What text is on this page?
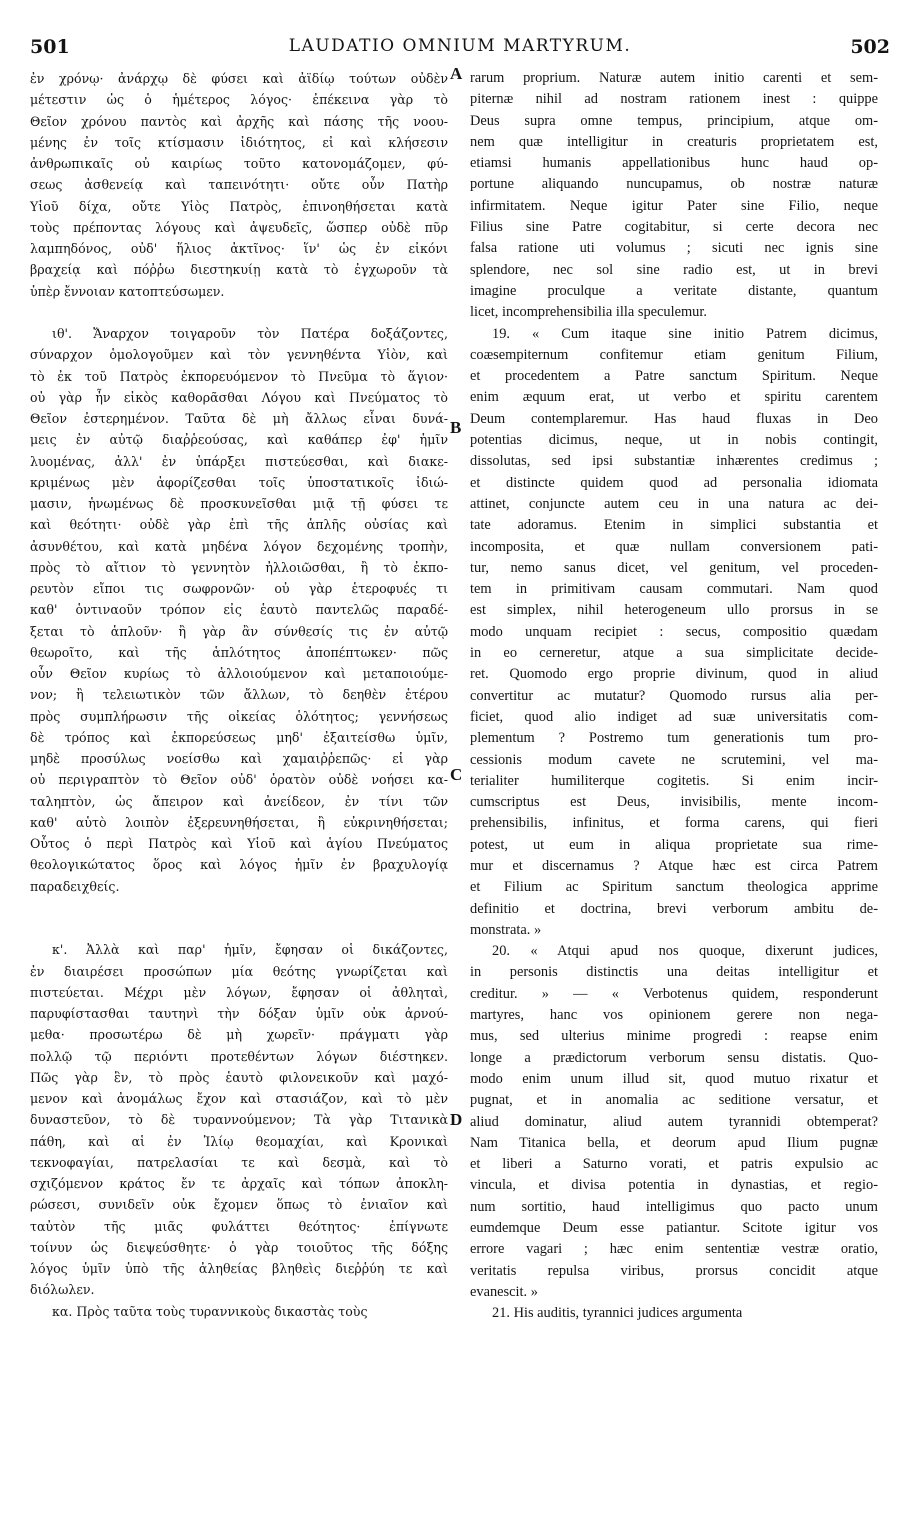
501	LAUDATIO OMNIUM MARTYRUM.	502
ἐν χρόνῳ· ἀνάρχῳ δὲ φύσει καὶ ἀϊδίῳ τούτων οὐδὲν
μέτεστιν ὡς ὁ ἡμέτερος λόγος· ἐπέκεινα γὰρ τὸ
Θεῖον χρόνου παντὸς καὶ ἀρχῆς καὶ πάσης τῆς νοου-
μένης ἐν τοῖς κτίσμασιν ἰδιότητος, εἰ καὶ κλήσεσιν
ἀνθρωπικαῖς οὐ καιρίως τοῦτο κατονομάζομεν, φύ-
σεως ἀσθενείᾳ καὶ ταπεινότητι· οὔτε οὖν Πατὴρ
Υἱοῦ δίχα, οὔτε Υἱὸς Πατρὸς, ἐπινοηθήσεται κατὰ
τοὺς πρέποντας λόγους καὶ ἀψευδεῖς, ὥσπερ οὐδὲ πῦρ
λαμπηδόνος, οὐδ' ἥλιος ἀκτῖνος· ἵν' ὡς ἐν εἰκόνι
βραχείᾳ καὶ πόῤῥω διεστηκυίῃ κατὰ τὸ ἐγχωροῦν τὰ
ὑπὲρ ἔννοιαν κατοπτεύσωμεν.
ιθ'. Ἄναρχον τοιγαροῦν τὸν Πατέρα δοξάζοντες,
σύναρχον ὁμολογοῦμεν καὶ τὸν γεννηθέντα Υἱὸν, καὶ
τὸ ἐκ τοῦ Πατρὸς ἐκπορευόμενον τὸ Πνεῦμα τὸ ἅγιον·
οὐ γὰρ ἦν εἰκὸς καθορᾶσθαι Λόγου καὶ Πνεύματος τὸ
Θεῖον ἐστερημένον. Ταῦτα δὲ μὴ ἄλλως εἶναι δυνά-
μεις ἐν αὐτῷ διαῤῥεούσας, καὶ καθάπερ ἐφ' ἡμῖν
λυομένας, ἀλλ' ἐν ὑπάρξει πιστεύεσθαι, καὶ διακε-
κριμένως μὲν ἀφορίζεσθαι τοῖς ὑποστατικοῖς ἰδιώ-
μασιν, ἡνωμένως δὲ προσκυνεῖσθαι μιᾷ τῇ φύσει τε
καὶ θεότητι· οὐδὲ γὰρ ἐπὶ τῆς ἁπλῆς οὐσίας καὶ
ἀσυνθέτου, καὶ κατὰ μηδένα λόγον δεχομένης τροπὴν,
πρὸς τὸ αἴτιον τὸ γεννητὸν ἠλλοιῶσθαι, ἢ τὸ ἐκπο-
ρευτὸν εἴποι τις σωφρονῶν· οὐ γὰρ ἑτεροφυές τι
καθ' ὁντιναοῦν τρόπον εἰς ἑαυτὸ παντελῶς παραδέ-
ξεται τὸ ἁπλοῦν· ἢ γὰρ ἂν σύνθεσίς τις ἐν αὐτῷ
θεωροῖτο, καὶ τῆς ἁπλότητος ἀποπέπτωκεν· πῶς
οὖν Θεῖον κυρίως τὸ ἀλλοιούμενον καὶ μεταποιούμε-
νον; ἢ τελειωτικὸν τῶν ἄλλων, τὸ δεηθὲν ἑτέρου
πρὸς συμπλήρωσιν τῆς οἰκείας ὁλότητος; γεννήσεως
δὲ τρόπος καὶ ἐκπορεύσεως μηδ' ἐξαιτείσθω ὑμῖν,
μηδὲ προσύλως νοείσθω καὶ χαμαιῤῥεπῶς· εἰ γὰρ
οὐ περιγραπτὸν τὸ Θεῖον οὐδ' ὁρατὸν οὐδὲ νοήσει κα-
ταληπτὸν, ὡς ἄπειρον καὶ ἀνείδεον, ἐν τίνι τῶν
καθ' αὑτὸ λοιπὸν ἐξερευνηθήσεται, ἢ εὐκρινηθήσεται;
Οὗτος ὁ περὶ Πατρὸς καὶ Υἱοῦ καὶ ἁγίου Πνεύματος
θεολογικώτατος ὅρος καὶ λόγος ἡμῖν ἐν βραχυλογίᾳ
παραδειχθείς.
κ'. Ἀλλὰ καὶ παρ' ἡμῖν, ἔφησαν οἱ δικάζοντες,
ἐν διαιρέσει προσώπων μία θεότης γνωρίζεται καὶ
πιστεύεται. Μέχρι μὲν λόγων, ἔφησαν οἱ ἀθληταὶ,
παρυφίστασθαι ταυτηνὶ τὴν δόξαν ὑμῖν οὐκ ἀρνού-
μεθα· προσωτέρω δὲ μὴ χωρεῖν· πράγματι γὰρ
πολλῷ τῷ περιόντι προτεθέντων λόγων διέστηκεν.
Πῶς γὰρ ἓν, τὸ πρὸς ἑαυτὸ φιλονεικοῦν καὶ μαχό-
μενον καὶ ἀνομάλως ἔχον καὶ στασιάζον, καὶ τὸ μὲν
δυναστεῦον, τὸ δὲ τυραννούμενον; Τὰ γὰρ Τιτανικὰ
πάθη, καὶ αἱ ἐν Ἰλίῳ θεομαχίαι, καὶ Κρονικαὶ
τεκνοφαγίαι, πατρελασίαι τε καὶ δεσμὰ, καὶ τὸ
σχιζόμενον κράτος ἔν τε ἀρχαῖς καὶ τόπων ἀποκλη-
ρώσεσι, συνιδεῖν οὐκ ἔχομεν ὅπως τὸ ἐνιαῖον καὶ
ταὐτὸν τῆς μιᾶς φυλάττει θεότητος· ἐπίγνωτε
τοίνυν ὡς διεψεύσθητε· ὁ γὰρ τοιοῦτος τῆς δόξης
λόγος ὑμῖν ὑπὸ τῆς ἀληθείας βληθεὶς διεῤῥύη τε καὶ
διόλωλεν.
κα. Πρὸς ταῦτα τοὺς τυραννικοὺς δικαστὰς τοὺς
rarum proprium. Naturæ autem initio carenti et sem-
piternæ nihil ad nostram rationem inest : quippe
Deus supra omne tempus, principium, atque om-
nem quæ intelligitur in creaturis proprietatem est,
etiamsi humanis appellationibus hunc haud op-
portune aliquando nuncupamus, ob nostræ naturæ
infirmitatem. Neque igitur Pater sine Filio, neque
Filius sine Patre cogitabitur, si certe decora nec
falsa ratione uti volumus ; sicuti nec ignis sine
splendore, nec sol sine radio est, ut in brevi
imagine proculque a veritate distante, quantum
licet, incomprehensibilia illa speculemur.
19. « Cum itaque sine initio Patrem dicimus,
coæsempiternum confitemur etiam genitum Filium,
et procedentem a Patre sanctum Spiritum. Neque
enim æquum erat, ut verbo et spiritu carentem
Deum contemplaremur. Has haud fluxas in Deo
potentias dicimus, neque, ut in nobis contingit,
dissolutas, sed ipsi substantiæ inhærentes credimus ;
et distincte quidem quod ad personalia idiomata
attinet, conjuncte autem ceu in una natura ac dei-
tate adoramus. Etenim in simplici substantia et
incomposita, et quæ nullam conversionem pati-
tur, nemo sanus dicet, vel genitum, vel proceden-
tem in primitivam causam commutari. Nam quod
est simplex, nihil heterogeneum ullo prorsus in se
modo unquam recipiet : secus, compositio quædam
in eo cerneretur, atque a sua simplicitate decide-
ret. Quomodo ergo proprie divinum, quod in aliud
convertitur ac mutatur? Quomodo rursus alia per-
ficiet, quod alio indiget ad suæ universitatis com-
plementum ? Postremo tum generationis tum pro-
cessionis modum cavete ne scrutemini, vel ma-
terialiter humiliterque cogitetis. Si enim incir-
cumscriptus est Deus, invisibilis, mente incom-
prehensibilis, infinitus, et forma carens, qui fieri
potest, ut eum in aliqua proprietate sua rime-
mur et discernamus ? Atque hæc est circa Patrem
et Filium ac Spiritum sanctum theologica apprime
definitio et doctrina, brevi verborum ambitu de-
monstrata. »
20. « Atqui apud nos quoque, dixerunt judices,
in personis distinctis una deitas intelligitur et
creditur. » — « Verbotenus quidem, responderunt
martyres, hanc vos opinionem gerere non nega-
mus, sed ulterius minime progredi : reapse enim
longe a prædictorum verborum sensu distatis. Quo-
modo enim unum illud sit, quod mutuo rixatur et
pugnat, et in anomalia ac seditione versatur, et
aliud dominatur, aliud autem tyrannidi obtemperat?
Nam Titanica bella, et deorum apud Ilium pugnæ
et liberi a Saturno vorati, et patris expulsio ac
vincula, et divisa potentia in dynastias, et regio-
num sortitio, haud intelligimus quo pacto unum
eumdemque Deum esse patiantur. Scitote igitur vos
errore vagari ; hæc enim sententiæ vestræ oratio,
veritatis repulsa viribus, prorsus concidit atque
evanescit. »
21. His auditis, tyrannici judices argumenta
A
B
C
D
